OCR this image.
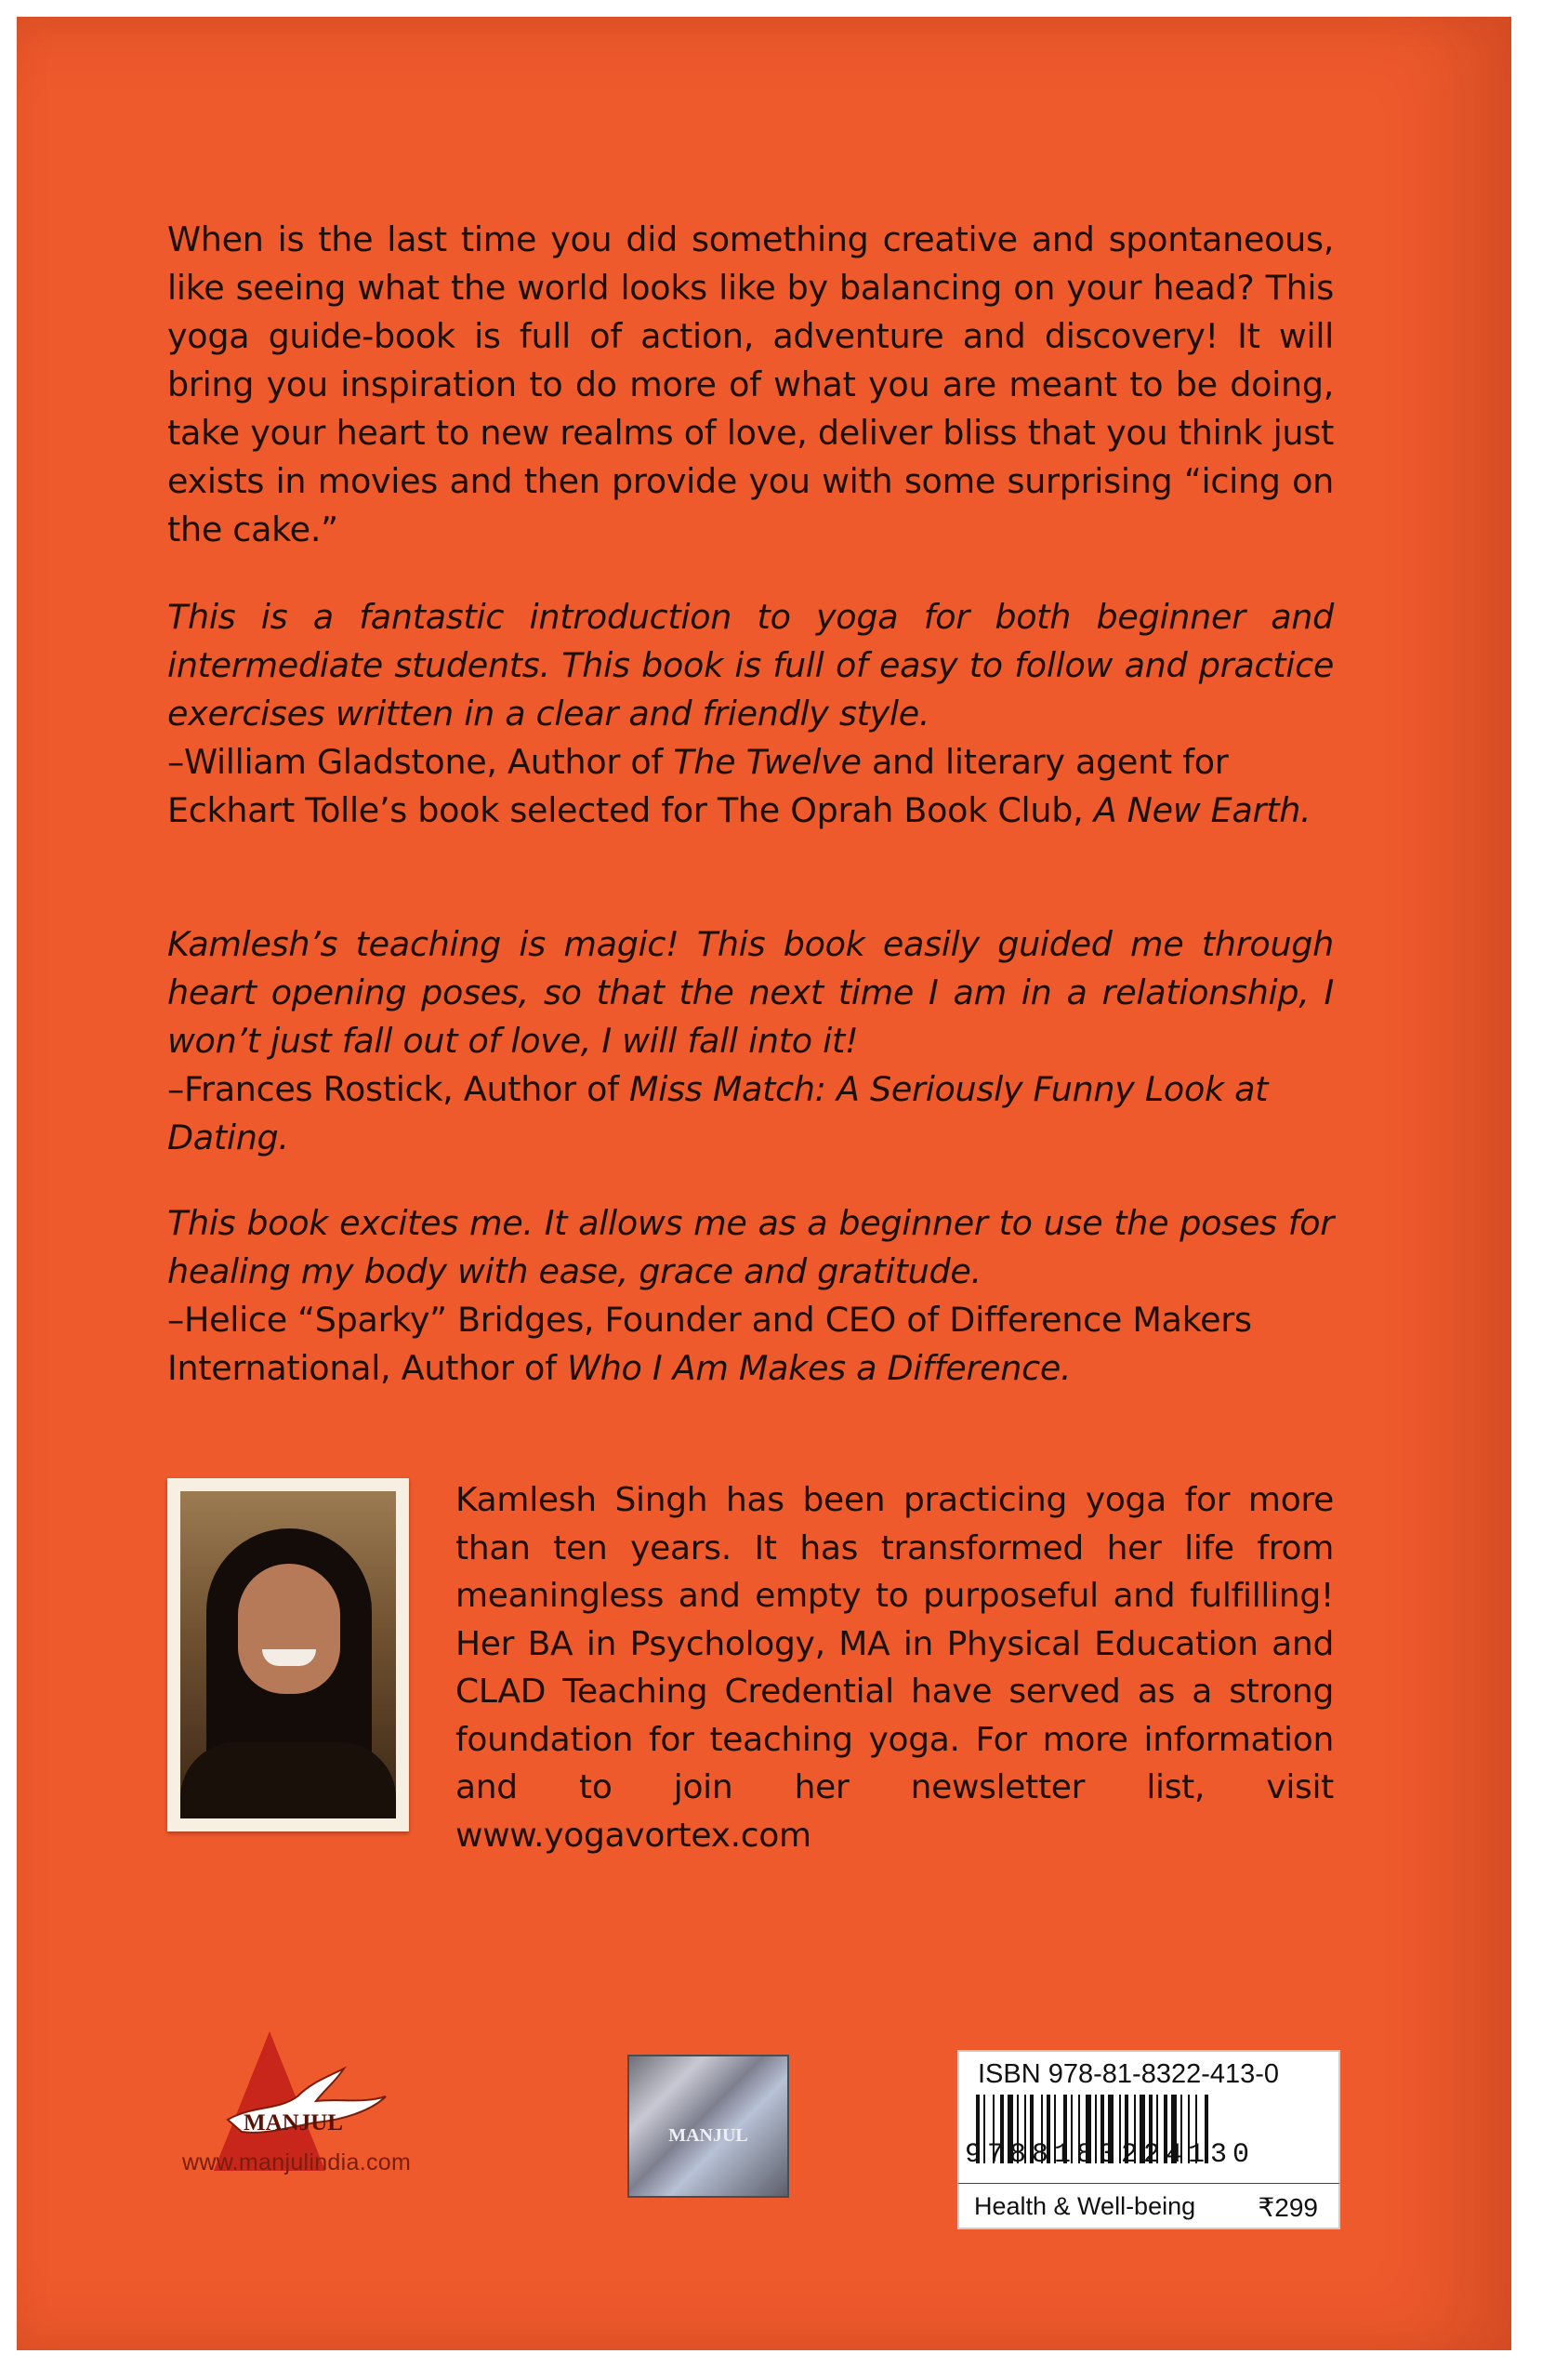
When is the last time you did something creative and spontaneous, like seeing what the world looks like by balancing on your head? This yoga guide-book is full of action, adventure and discovery! It will bring you inspiration to do more of what you are meant to be doing, take your heart to new realms of love, deliver bliss that you think just exists in movies and then provide you with some surprising “icing on the cake.”

This is a fantastic introduction to yoga for both beginner and intermediate students. This book is full of easy to follow and practice exercises written in a clear and friendly style.

–William Gladstone, Author of The Twelve and literary agent for Eckhart Tolle’s book selected for The Oprah Book Club, A New Earth.

Kamlesh’s teaching is magic! This book easily guided me through heart opening poses, so that the next time I am in a relationship, I won’t just fall out of love, I will fall into it!

–Frances Rostick, Author of Miss Match: A Seriously Funny Look at Dating.

This book excites me. It allows me as a beginner to use the poses for healing my body with ease, grace and gratitude.

–Helice “Sparky” Bridges, Founder and CEO of Difference Makers International, Author of Who I Am Makes a Difference.

Kamlesh Singh has been practicing yoga for more than ten years. It has transformed her life from meaningless and empty to purposeful and fulfilling! Her BA in Psychology, MA in Physical Education and CLAD Teaching Credential have served as a strong foundation for teaching yoga. For more information and to join her newsletter list, visit www.yogavortex.com
MANJUL
www.manjulindia.com
MANJUL
ISBN 978-81-8322-413-0
9788183224130
Health & Well-being ₹299
